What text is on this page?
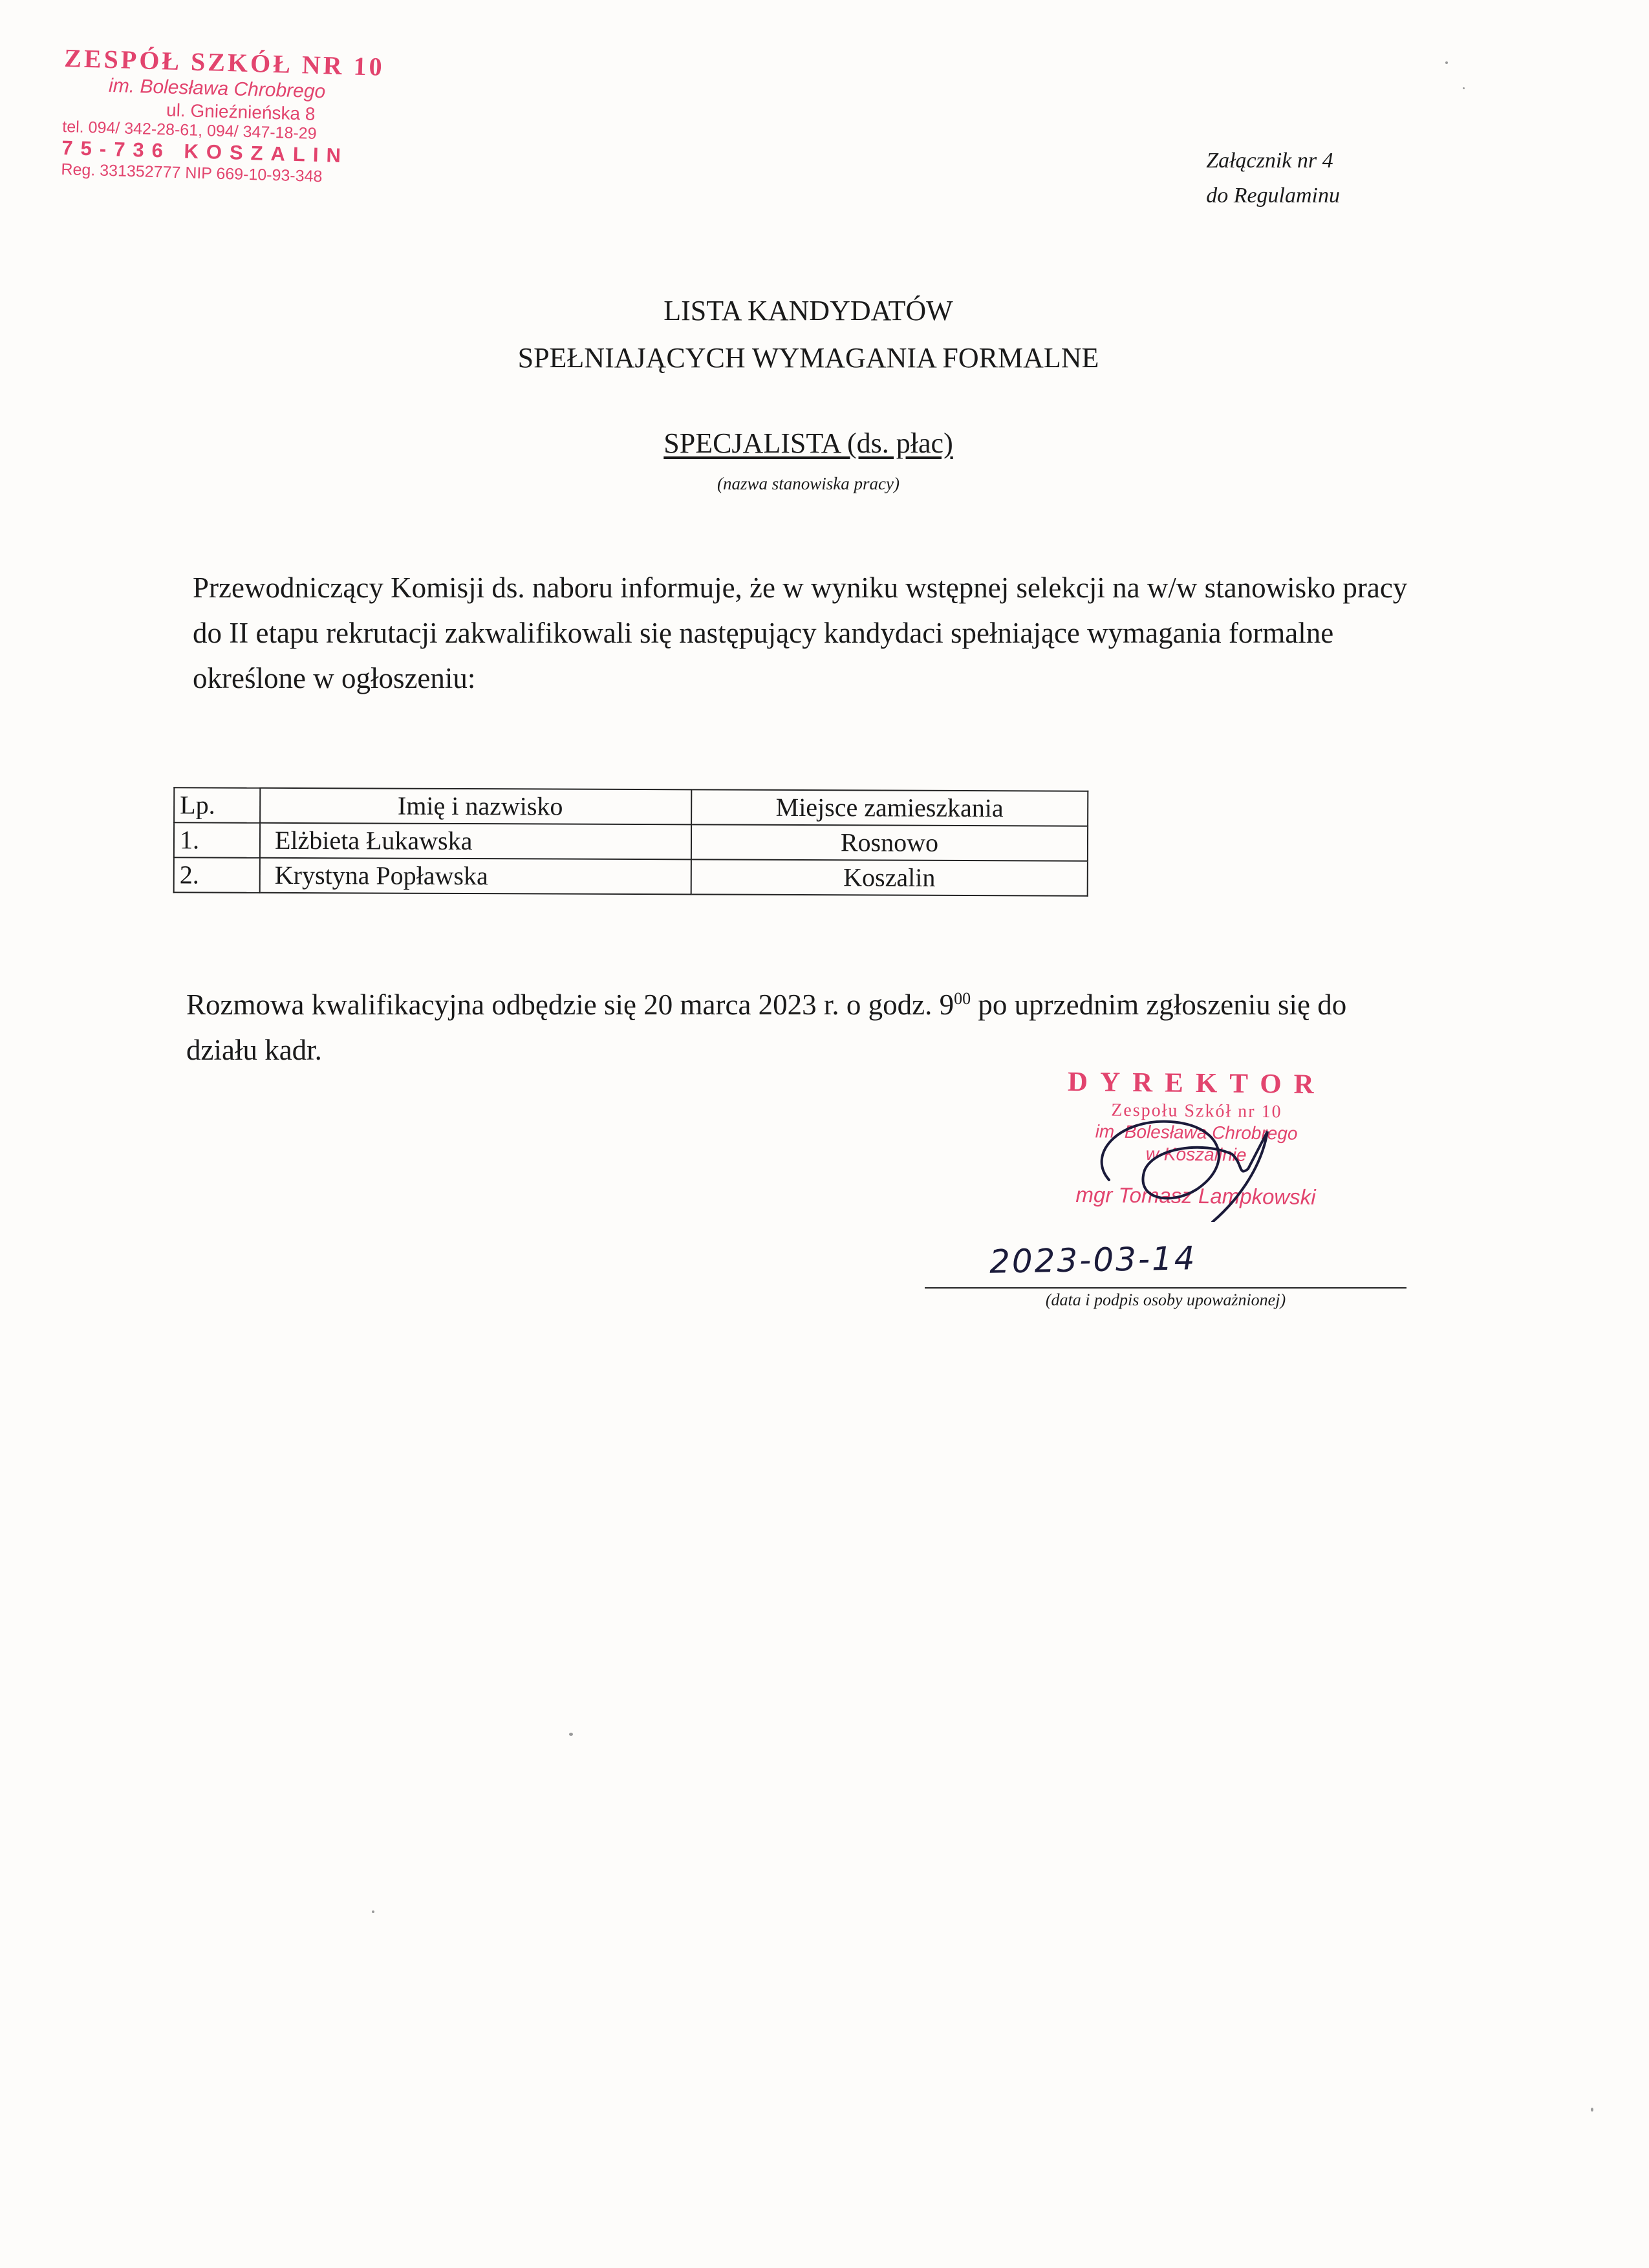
ZESPÓŁ SZKÓŁ NR 10
im. Bolesława Chrobrego
ul. Gnieźnieńska 8
tel. 094/ 342-28-61, 094/ 347-18-29
75-736 KOSZALIN
Reg. 331352777 NIP 669-10-93-348	Załącznik nr 4
do Regulaminu
LISTA KANDYDATÓW
SPEŁNIAJĄCYCH WYMAGANIA FORMALNE
SPECJALISTA (ds. płac)
(nazwa stanowiska pracy)
Przewodniczący Komisji ds. naboru informuje, że w wyniku wstępnej selekcji na w/w stanowisko pracy do II etapu rekrutacji zakwalifikowali się następujący kandydaci spełniające wymagania formalne określone w ogłoszeniu:
Lp.	Imię i nazwisko	Miejsce zamieszkania
1.	Elżbieta Łukawska	Rosnowo
2.	Krystyna Popławska	Koszalin
Rozmowa kwalifikacyjna odbędzie się 20 marca 2023 r. o godz. $9^{00}$ po uprzednim zgłoszeniu się do działu kadr.
DYREKTOR
Zespołu Szkół nr 10
im. Bolesława Chrobrego
w Koszalinie
mgr Tomasz Lampkowski
2023-03-14
(data i podpis osoby upoważnionej)
